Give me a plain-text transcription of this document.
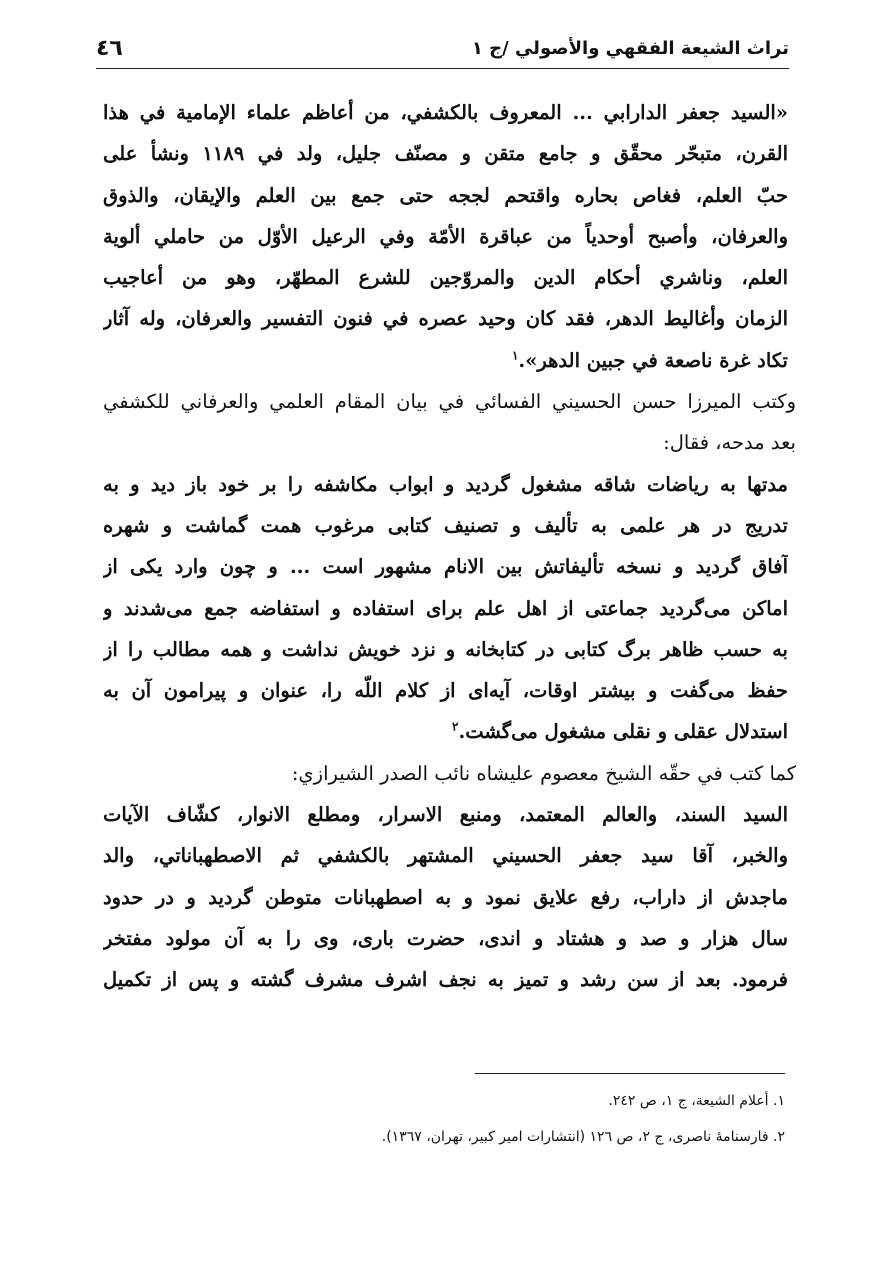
تراث الشيعة الفقهي والأصولي /ج ١
٤٦
«السيد جعفر الدارابي ... المعروف بالكشفي، من أعاظم علماء الإمامية في هذا
القرن، متبحّر محقّق و جامع متقن و مصنّف جليل، ولد في ١١٨٩ ونشأ على
حبّ العلم، فغاص بحاره واقتحم لججه حتى جمع بين العلم والإيقان، والذوق
والعرفان، وأصبح أوحدياً من عباقرة الأمّة وفي الرعيل الأوّل من حاملي ألوية
العلم، وناشري أحكام الدين والمروّجين للشرع المطهّر، وهو من أعاجيب
الزمان وأغاليط الدهر، فقد كان وحيد عصره في فنون التفسير والعرفان، وله آثار
تكاد غرة ناصعة في جبين الدهر».$^١$
وكتب الميرزا حسن الحسيني الفسائي في بيان المقام العلمي والعرفاني للكشفي
بعد مدحه، فقال:
مدتها به رياضات شاقه مشغول گرديد و ابواب مكاشفه را بر خود باز ديد و به
تدريج در هر علمى به تأليف و تصنيف كتابى مرغوب همت گماشت و شهره
آفاق گرديد و نسخه تأليفاتش بين الانام مشهور است ... و چون وارد يكى از
اماكن مى‌گرديد جماعتى از اهل علم براى استفاده و استفاضه جمع مى‌شدند و
به حسب ظاهر برگ كتابى در كتابخانه و نزد خويش نداشت و همه مطالب را از
حفظ مى‌گفت و بيشتر اوقات، آيه‌اى از كلام اللّه را، عنوان و پيرامون آن به
استدلال عقلى و نقلى مشغول مى‌گشت.$^٢$
كما كتب في حقّه الشيخ معصوم عليشاه نائب الصدر الشيرازي:
السيد السند، والعالم المعتمد، ومنبع الاسرار، ومطلع الانوار، كشّاف الآيات
والخبر، آقا سيد جعفر الحسيني المشتهر بالكشفي ثم الاصطهباناتي، والد
ماجدش از داراب، رفع علايق نمود و به اصطهبانات متوطن گرديد و در حدود
سال هزار و صد و هشتاد و اندى، حضرت بارى، وى را به آن مولود مفتخر
فرمود. بعد از سن رشد و تميز به نجف اشرف مشرف گشته و پس از تكميل
١. أعلام الشيعة، ج ١، ص ٢٤٢.
٢. فارسنامهٔ ناصرى، ج ٢، ص ١٢٦ (انتشارات امير كبير، تهران، ١٣٦٧).
